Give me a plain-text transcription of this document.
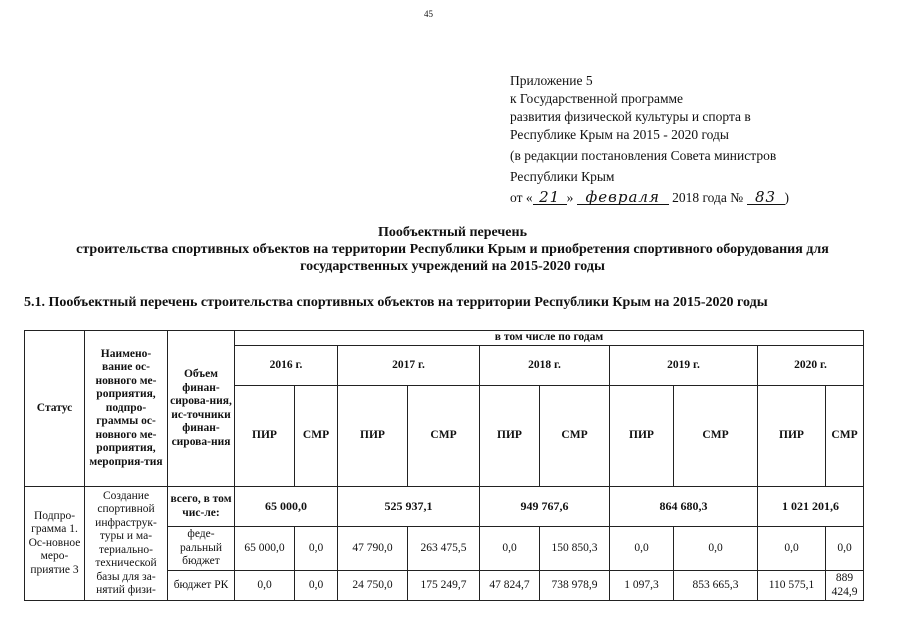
45
Приложение 5
к Государственной программе
развития физической культуры и спорта в
Республике Крым на 2015 - 2020 годы
(в редакции постановления Совета министров
Республики Крым
от « 21 » февраля 2018 года № 83 )
Пообъектный перечень
строительства спортивных объектов на территории Республики Крым и приобретения спортивного оборудования для
государственных учреждений на 2015-2020 годы
5.1. Пообъектный перечень строительства спортивных объектов на территории Республики Крым на 2015-2020 годы
Статус	Наимено-вание ос-новного ме-роприятия, подпро-граммы ос-новного ме-роприятия, мероприя-тия	Объем финан-сирова-ния, ис-точники финан-сирова-ния	в том числе по годам									
			2016 г.		2017 г.		2018 г.		2019 г.		2020 г.	
			ПИР	СМР	ПИР	СМР	ПИР	СМР	ПИР	СМР	ПИР	СМР
Подпро-грамма 1. Ос-новное меро-приятие 3	Создание спортивной инфраструк-туры и ма-териально-технической базы для за-нятий физи-	всего, в том чис-ле:	65 000,0		525 937,1		949 767,6		864 680,3		1 021 201,6	
		феде-ральный бюджет	65 000,0	0,0	47 790,0	263 475,5	0,0	150 850,3	0,0	0,0	0,0	0,0
		бюджет РК	0,0	0,0	24 750,0	175 249,7	47 824,7	738 978,9	1 097,3	853 665,3	110 575,1	889 424,9
